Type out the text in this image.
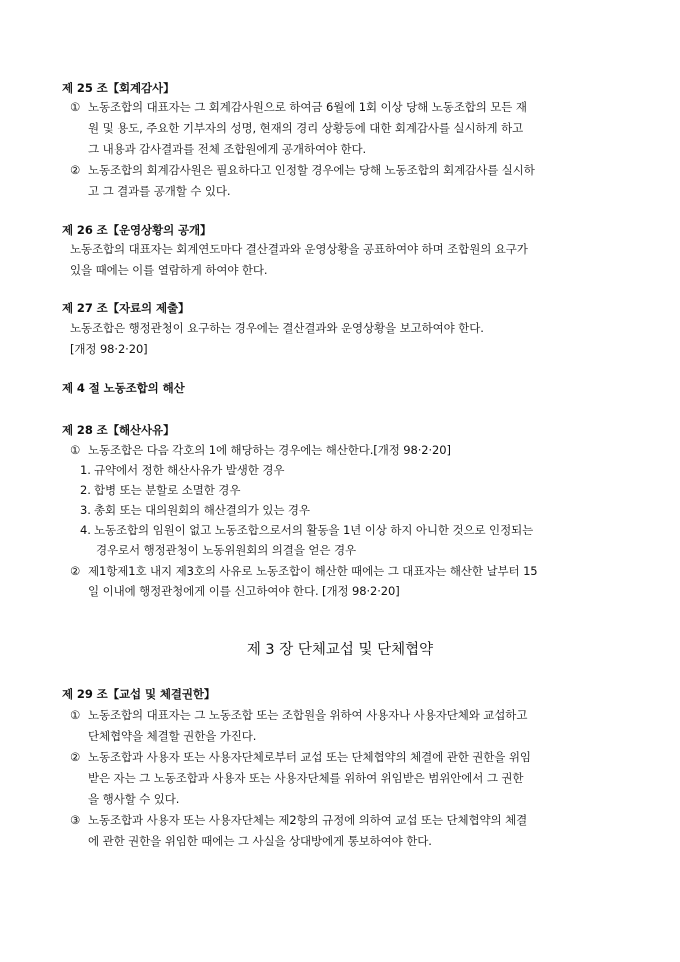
제 25 조【회계감사】
① 노동조합의 대표자는 그 회계감사원으로 하여금 6월에 1회 이상 당해 노동조합의 모든 재
원 및 용도, 주요한 기부자의 성명, 현재의 경리 상황등에 대한 회계감사를 실시하게 하고
그 내용과 감사결과를 전체 조합원에게 공개하여야 한다.
② 노동조합의 회계감사원은 필요하다고 인정할 경우에는 당해 노동조합의 회계감사를 실시하
고 그 결과를 공개할 수 있다.
제 26 조【운영상황의 공개】
노동조합의 대표자는 회계연도마다 결산결과와 운영상황을 공표하여야 하며 조합원의 요구가
있을 때에는 이를 열람하게 하여야 한다.
제 27 조【자료의 제출】
노동조합은 행정관청이 요구하는 경우에는 결산결과와 운영상황을 보고하여야 한다.
[개정 98·2·20]
제 4 절 노동조합의 해산
제 28 조【해산사유】
① 노동조합은 다음 각호의 1에 해당하는 경우에는 해산한다.[개정 98·2·20]
1. 규약에서 정한 해산사유가 발생한 경우
2. 합병 또는 분할로 소멸한 경우
3. 총회 또는 대의원회의 해산결의가 있는 경우
4. 노동조합의 임원이 없고 노동조합으로서의 활동을 1년 이상 하지 아니한 것으로 인정되는
경우로서 행정관청이 노동위원회의 의결을 얻은 경우
② 제1항제1호 내지 제3호의 사유로 노동조합이 해산한 때에는 그 대표자는 해산한 날부터 15
일 이내에 행정관청에게 이를 신고하여야 한다. [개정 98·2·20]
제 3 장 단체교섭 및 단체협약
제 29 조【교섭 및 체결권한】
① 노동조합의 대표자는 그 노동조합 또는 조합원을 위하여 사용자나 사용자단체와 교섭하고
단체협약을 체결할 권한을 가진다.
② 노동조합과 사용자 또는 사용자단체로부터 교섭 또는 단체협약의 체결에 관한 권한을 위임
받은 자는 그 노동조합과 사용자 또는 사용자단체를 위하여 위임받은 범위안에서 그 권한
을 행사할 수 있다.
③ 노동조합과 사용자 또는 사용자단체는 제2항의 규정에 의하여 교섭 또는 단체협약의 체결
에 관한 권한을 위임한 때에는 그 사실을 상대방에게 통보하여야 한다.
